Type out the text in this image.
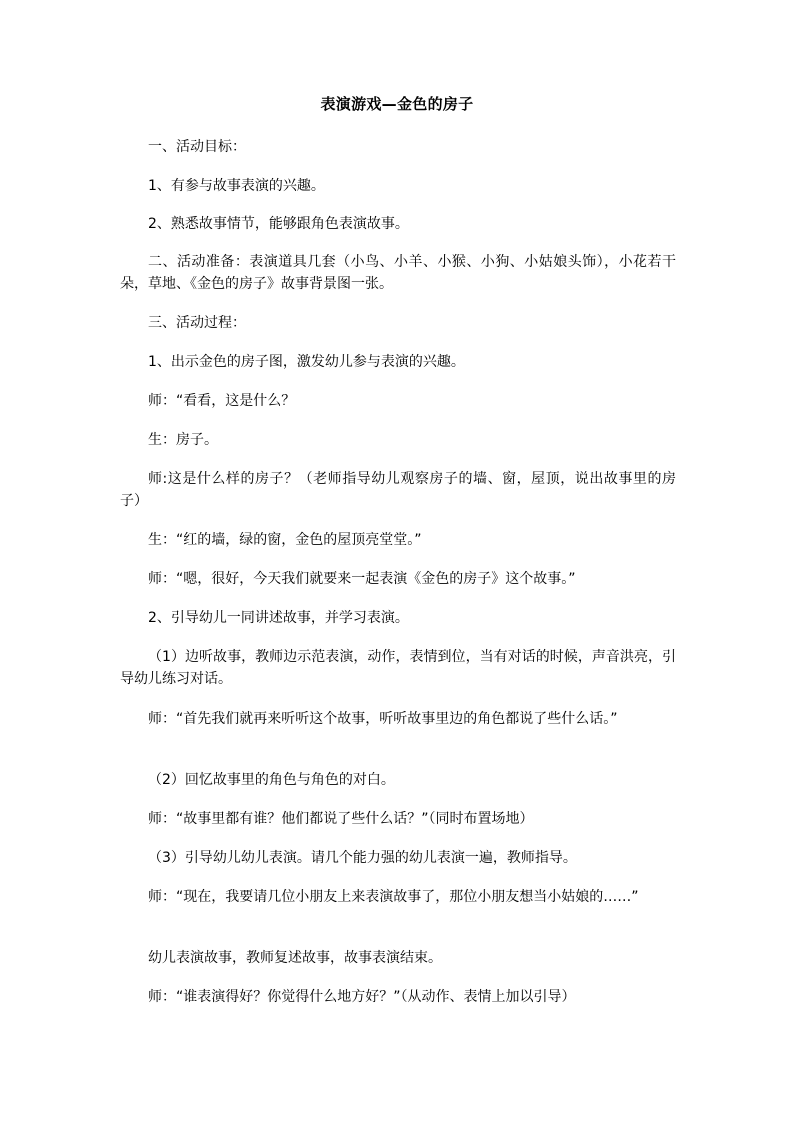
表演游戏—金色的房子

一、活动目标：

1、有参与故事表演的兴趣。

2、熟悉故事情节，能够跟角色表演故事。

二、活动准备：表演道具几套（小鸟、小羊、小猴、小狗、小姑娘头饰），小花若干朵，草地、《金色的房子》故事背景图一张。

三、活动过程：

1、出示金色的房子图，激发幼儿参与表演的兴趣。

师：“看看，这是什么？

生：房子。

师:这是什么样的房子？（老师指导幼儿观察房子的墙、窗，屋顶，说出故事里的房子）

生：“红的墙，绿的窗，金色的屋顶亮堂堂。”

师：“嗯，很好，今天我们就要来一起表演《金色的房子》这个故事。”

2、引导幼儿一同讲述故事，并学习表演。

（1）边听故事，教师边示范表演，动作，表情到位，当有对话的时候，声音洪亮，引导幼儿练习对话。

师：“首先我们就再来听听这个故事，听听故事里边的角色都说了些什么话。”

（2）回忆故事里的角色与角色的对白。

师：“故事里都有谁？他们都说了些什么话？”（同时布置场地）

（3）引导幼儿幼儿表演。请几个能力强的幼儿表演一遍，教师指导。

师：“现在，我要请几位小朋友上来表演故事了，那位小朋友想当小姑娘的……”

幼儿表演故事，教师复述故事，故事表演结束。

师：“谁表演得好？你觉得什么地方好？”（从动作、表情上加以引导）
